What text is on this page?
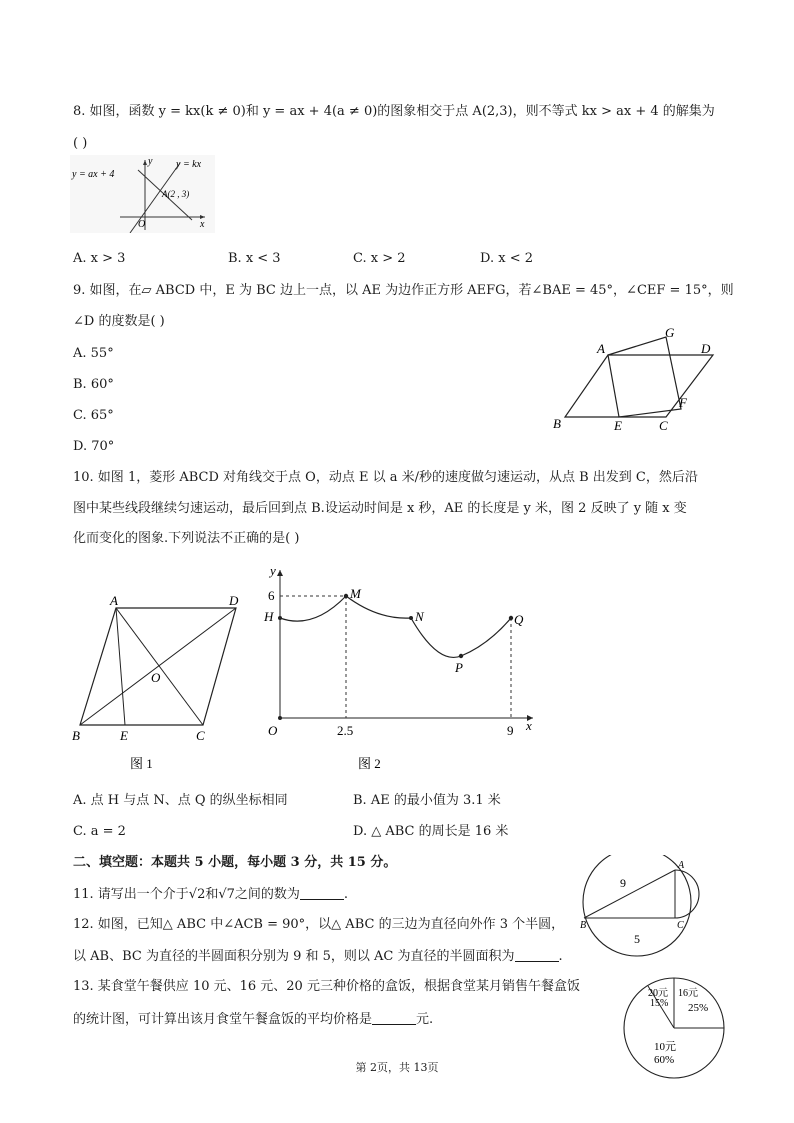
8. 如图，函数 y = kx(k ≠ 0)和 y = ax + 4(a ≠ 0)的图象相交于点 A(2,3)，则不等式 kx > ax + 4 的解集为
( )
y = ax + 4
y = kx
A(2 , 3)
y
x
O
A. x > 3	B. x < 3	C. x > 2	D. x < 2
9. 如图，在▱ ABCD 中，E 为 BC 边上一点，以 AE 为边作正方形 AEFG，若∠BAE = 45°，∠CEF = 15°，则
∠D 的度数是( )
A. 55°
B. 60°
C. 65°
D. 70°
A	D
G
F
B	E	C
10. 如图 1，菱形 ABCD 对角线交于点 O，动点 E 以 a 米/秒的速度做匀速运动，从点 B 出发到 C，然后沿
图中某些线段继续匀速运动，最后回到点 B.设运动时间是 x 秒，AE 的长度是 y 米，图 2 反映了 y 随 x 变
化而变化的图象.下列说法不正确的是( )
A	D
O
B	E	C
图 1
y
x
6
H
M
N
P
Q
O	2.5	9
图 2
A. 点 H 与点 N、点 Q 的纵坐标相同	B. AE 的最小值为 3.1 米
C. a = 2	D. △ ABC 的周长是 16 米
二、填空题：本题共 5 小题，每小题 3 分，共 15 分。
11. 请写出一个介于√2和√7之间的数为	.
12. 如图，已知△ ABC 中∠ACB = 90°，以△ ABC 的三边为直径向外作 3 个半圆，
以 AB、BC 为直径的半圆面积分别为 9 和 5，则以 AC 为直径的半圆面积为	.
9
5
A
B	C
13. 某食堂午餐供应 10 元、16 元、20 元三种价格的盒饭，根据食堂某月销售午餐盒饭
的统计图，可计算出该月食堂午餐盒饭的平均价格是	元.
20元
15%
16元
25%
10元
60%
第 2页，共 13页
